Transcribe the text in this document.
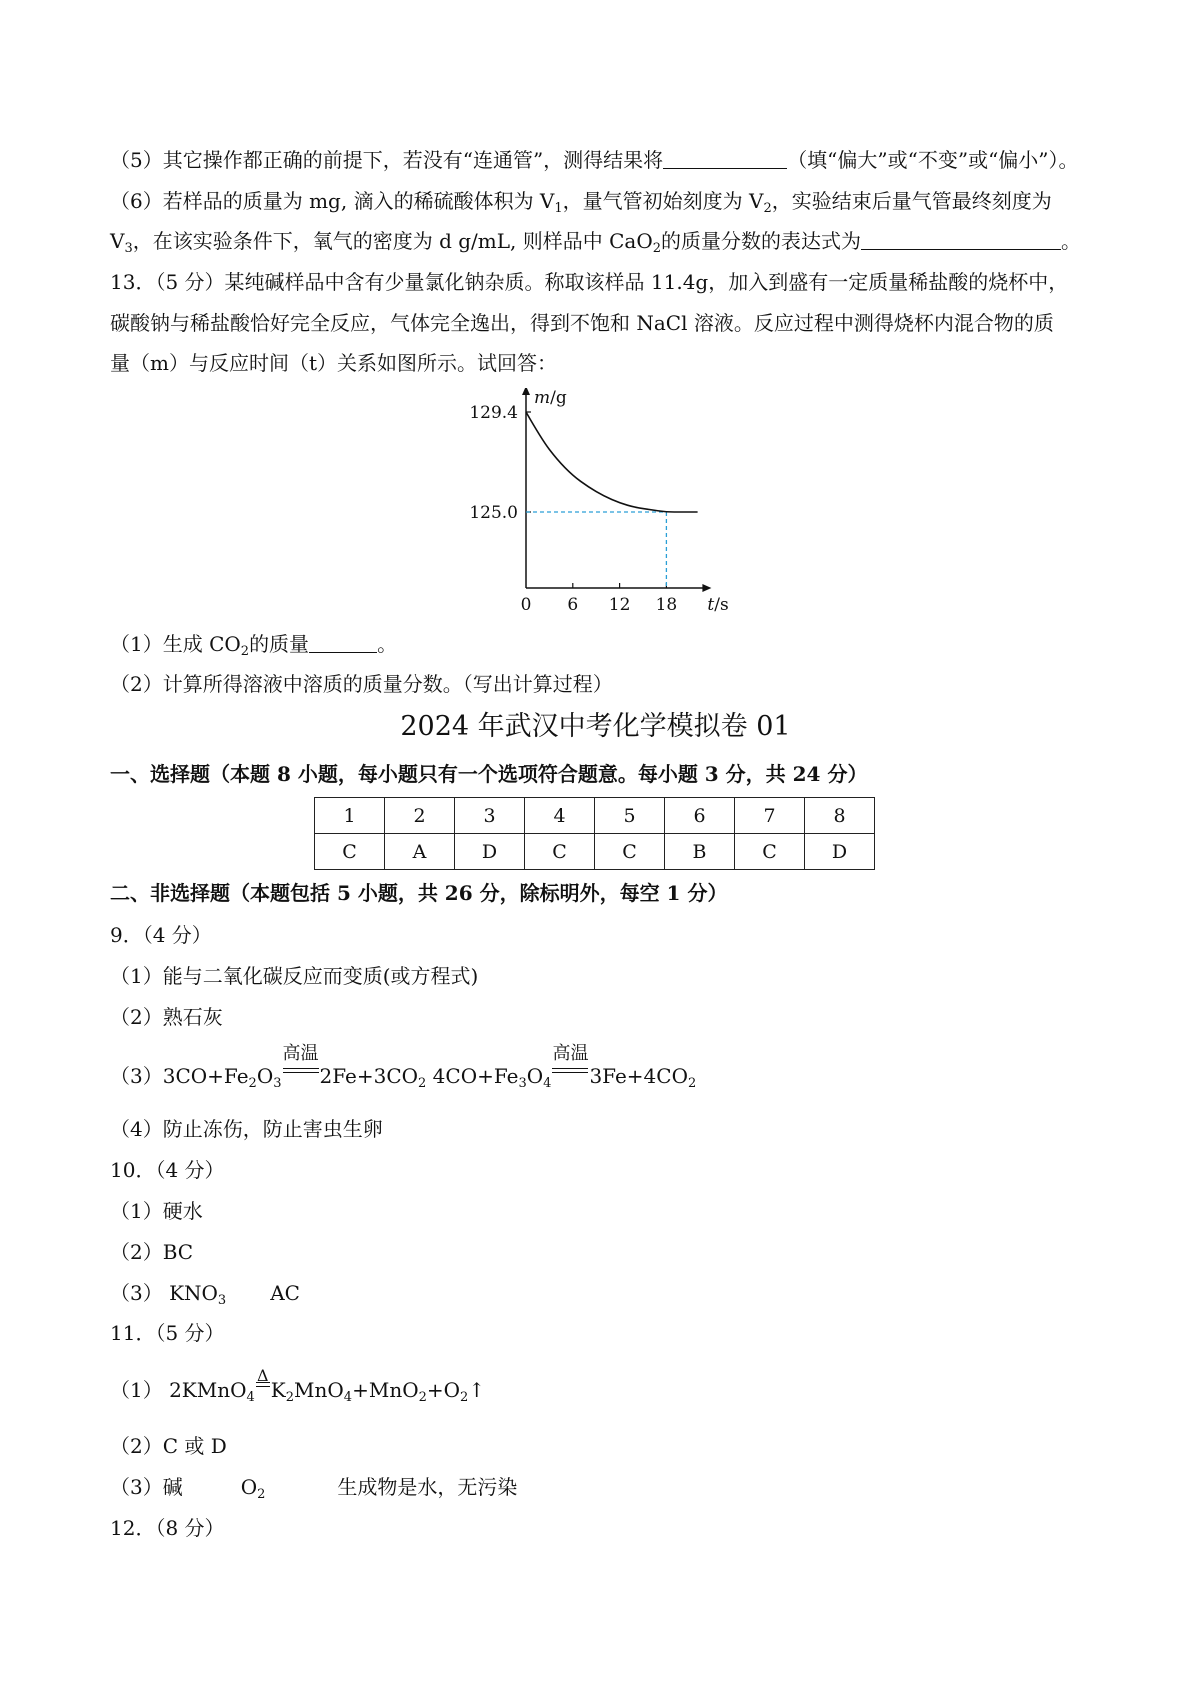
（5）其它操作都正确的前提下，若没有“连通管”，测得结果将	（填“偏大”或“不变”或“偏小”）。
（6）若样品的质量为 mg, 滴入的稀硫酸体积为 $V_1$，量气管初始刻度为 $V_2$，实验结束后量气管最终刻度为
$V_3$，在该实验条件下，氧气的密度为 d g/mL, 则样品中 CaO$_2$的质量分数的表达式为	。
13．（5 分）某纯碱样品中含有少量氯化钠杂质。称取该样品 11.4g，加入到盛有一定质量稀盐酸的烧杯中，
碳酸钠与稀盐酸恰好完全反应，气体完全逸出，得到不饱和 NaCl 溶液。反应过程中测得烧杯内混合物的质
量（m）与反应时间（t）关系如图所示。试回答：
125.0
129.4
0 6 12 18 t/s
m/g
（1）生成 $CO_2$的质量	。
（2）计算所得溶液中溶质的质量分数。（写出计算过程）
2024 年武汉中考化学模拟卷 01
一、选择题（本题 8 小题，每小题只有一个选项符合题意。每小题 3 分，共 24 分）
1	2	3	4	5	6	7	8
C	A	D	C	C	B	C	D
二、非选择题（本题包括 5 小题，共 26 分，除标明外，每空 1 分）
9．（4 分）
（1）能与二氧化碳反应而变质(或方程式)
（2）熟石灰
$(3)3CO+Fe_2O_3$
高温
$2Fe+3CO_2$ $4CO+Fe_3O_4$
高温
$3Fe+4CO_2$
（4）防止冻伤，防止害虫生卵
10．（4 分）
（1）硬水
（2）BC
（3） $KNO_3$ AC
11．（5 分）
（1） 2KMnO$_4$
Δ
$K_2MnO_4+MnO_2+O_2↑$
（2）C 或 D
（3）碱	$O_2$	生成物是水，无污染
12．（8 分）
